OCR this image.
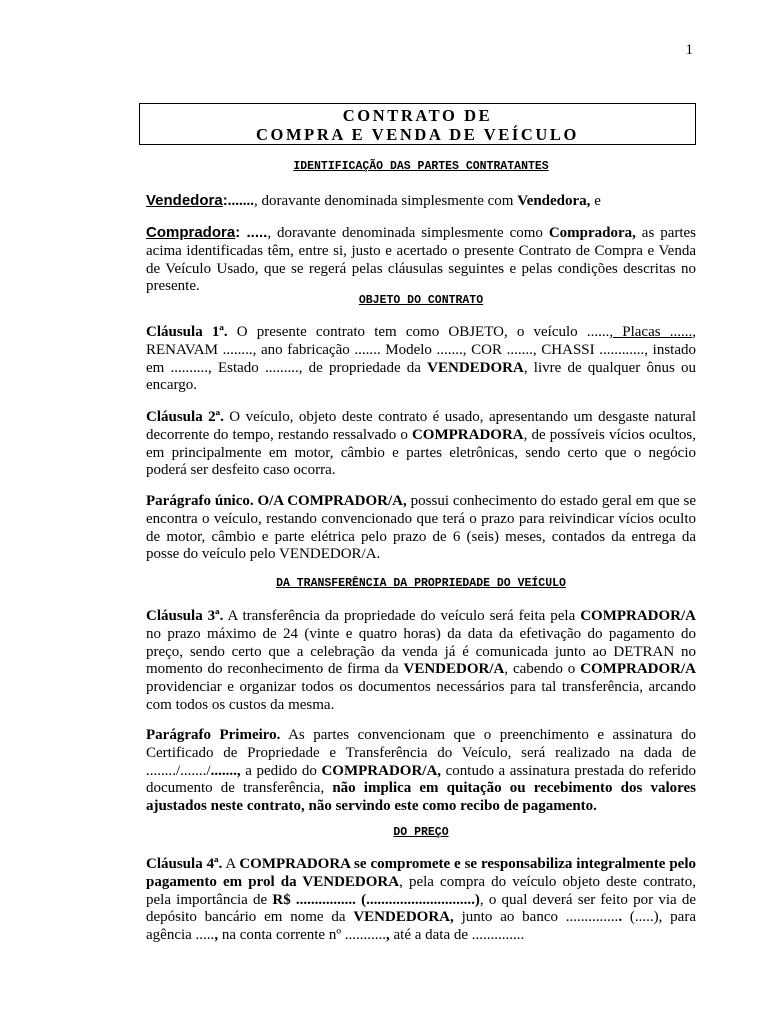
1
CONTRATO DE
COMPRA E VENDA DE VEÍCULO
IDENTIFICAÇÃO DAS PARTES CONTRATANTES
Vendedora:......., doravante denominada simplesmente com Vendedora, e
Compradora: ....., doravante denominada simplesmente como Compradora, as partes acima identificadas têm, entre si, justo e acertado o presente Contrato de Compra e Venda de Veículo Usado, que se regerá pelas cláusulas seguintes e pelas condições descritas no presente.
OBJETO DO CONTRATO
Cláusula 1ª. O presente contrato tem como OBJETO, o veículo ......, Placas ......, RENAVAM ........, ano fabricação ....... Modelo ......., COR ......., CHASSI ............, instado em .........., Estado ........., de propriedade da VENDEDORA, livre de qualquer ônus ou encargo.
Cláusula 2ª. O veículo, objeto deste contrato é usado, apresentando um desgaste natural decorrente do tempo, restando ressalvado o COMPRADORA, de possíveis vícios ocultos, em principalmente em motor, câmbio e partes eletrônicas, sendo certo que o negócio poderá ser desfeito caso ocorra.
Parágrafo único. O/A COMPRADOR/A, possui conhecimento do estado geral em que se encontra o veículo, restando convencionado que terá o prazo para reivindicar vícios oculto de motor, câmbio e parte elétrica pelo prazo de 6 (seis) meses, contados da entrega da posse do veículo pelo VENDEDOR/A.
DA TRANSFERÊNCIA DA PROPRIEDADE DO VEÍCULO
Cláusula 3ª. A transferência da propriedade do veículo será feita pela COMPRADOR/A no prazo máximo de 24 (vinte e quatro horas) da data da efetivação do pagamento do preço, sendo certo que a celebração da venda já é comunicada junto ao DETRAN no momento do reconhecimento de firma da VENDEDOR/A, cabendo o COMPRADOR/A providenciar e organizar todos os documentos necessários para tal transferência, arcando com todos os custos da mesma.
Parágrafo Primeiro. As partes convencionam que o preenchimento e assinatura do Certificado de Propriedade e Transferência do Veículo, será realizado na dada de ......../......./......., a pedido do COMPRADOR/A, contudo a assinatura prestada do referido documento de transferência, não implica em quitação ou recebimento dos valores ajustados neste contrato, não servindo este como recibo de pagamento.
DO PREÇO
Cláusula 4ª. A COMPRADORA se compromete e se responsabiliza integralmente pelo pagamento em prol da VENDEDORA, pela compra do veículo objeto deste contrato, pela importância de R$ ................ (.............................), o qual deverá ser feito por via de depósito bancário em nome da VENDEDORA, junto ao banco ............... (.....), para agência ....., na conta corrente nº ..........., até a data de ..............
